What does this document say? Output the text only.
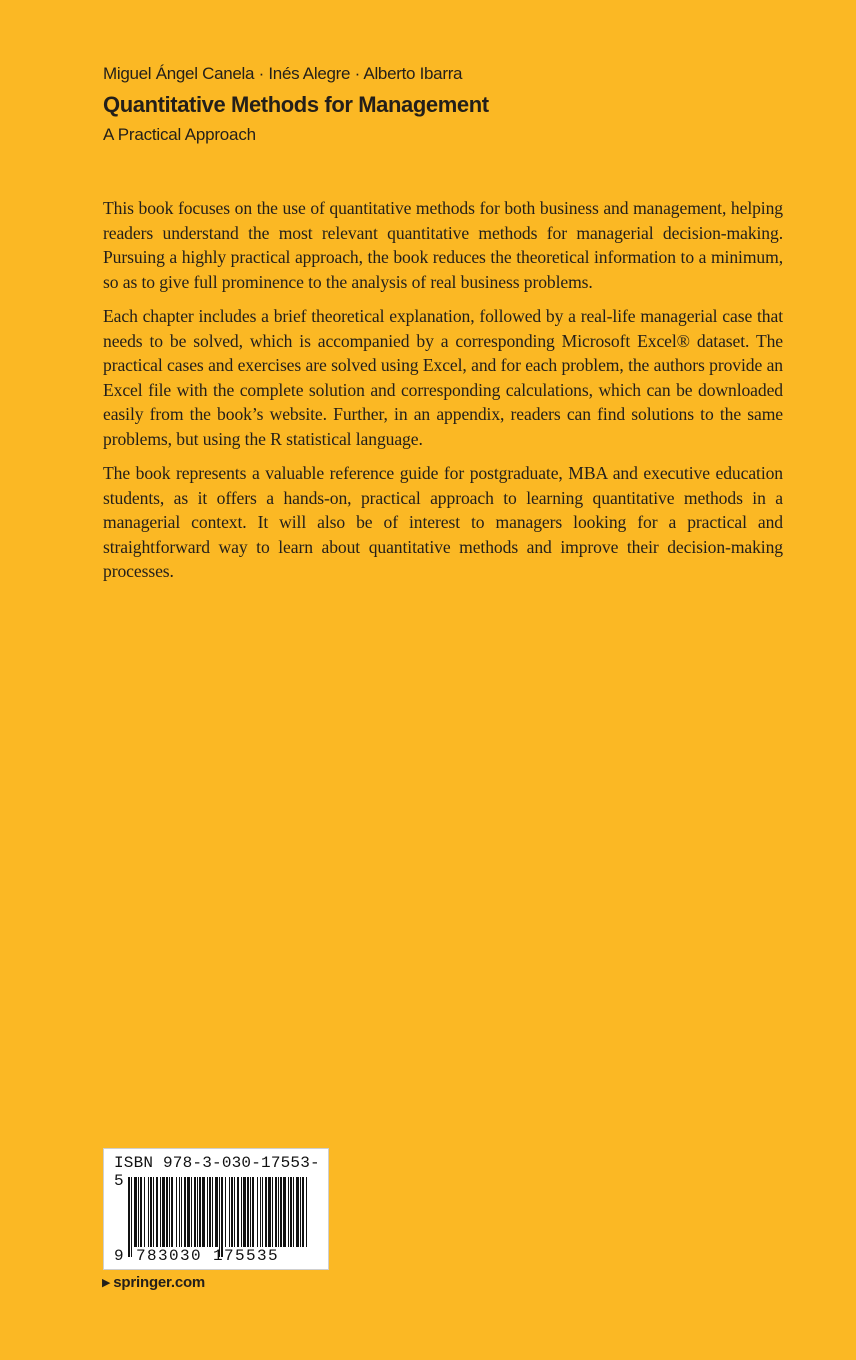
Miguel Ángel Canela · Inés Alegre · Alberto Ibarra

Quantitative Methods for Management

A Practical Approach

This book focuses on the use of quantitative methods for both business and management, helping readers understand the most relevant quantitative methods for managerial decision-making. Pursuing a highly practical approach, the book reduces the theoretical information to a minimum, so as to give full prominence to the analysis of real business problems.

Each chapter includes a brief theoretical explanation, followed by a real-life managerial case that needs to be solved, which is accompanied by a corresponding Microsoft Excel® dataset. The practical cases and exercises are solved using Excel, and for each problem, the authors provide an Excel file with the complete solution and corresponding calculations, which can be downloaded easily from the book’s website. Further, in an appendix, readers can find solutions to the same problems, but using the R statistical language.

The book represents a valuable reference guide for postgraduate, MBA and executive education students, as it offers a hands-on, practical approach to learning quantitative methods in a managerial context. It will also be of interest to managers looking for a practical and straightforward way to learn about quantitative methods and improve their decision-making processes.

ISBN 978-3-030-17553-5
9 783030 175535
▶ springer.com
